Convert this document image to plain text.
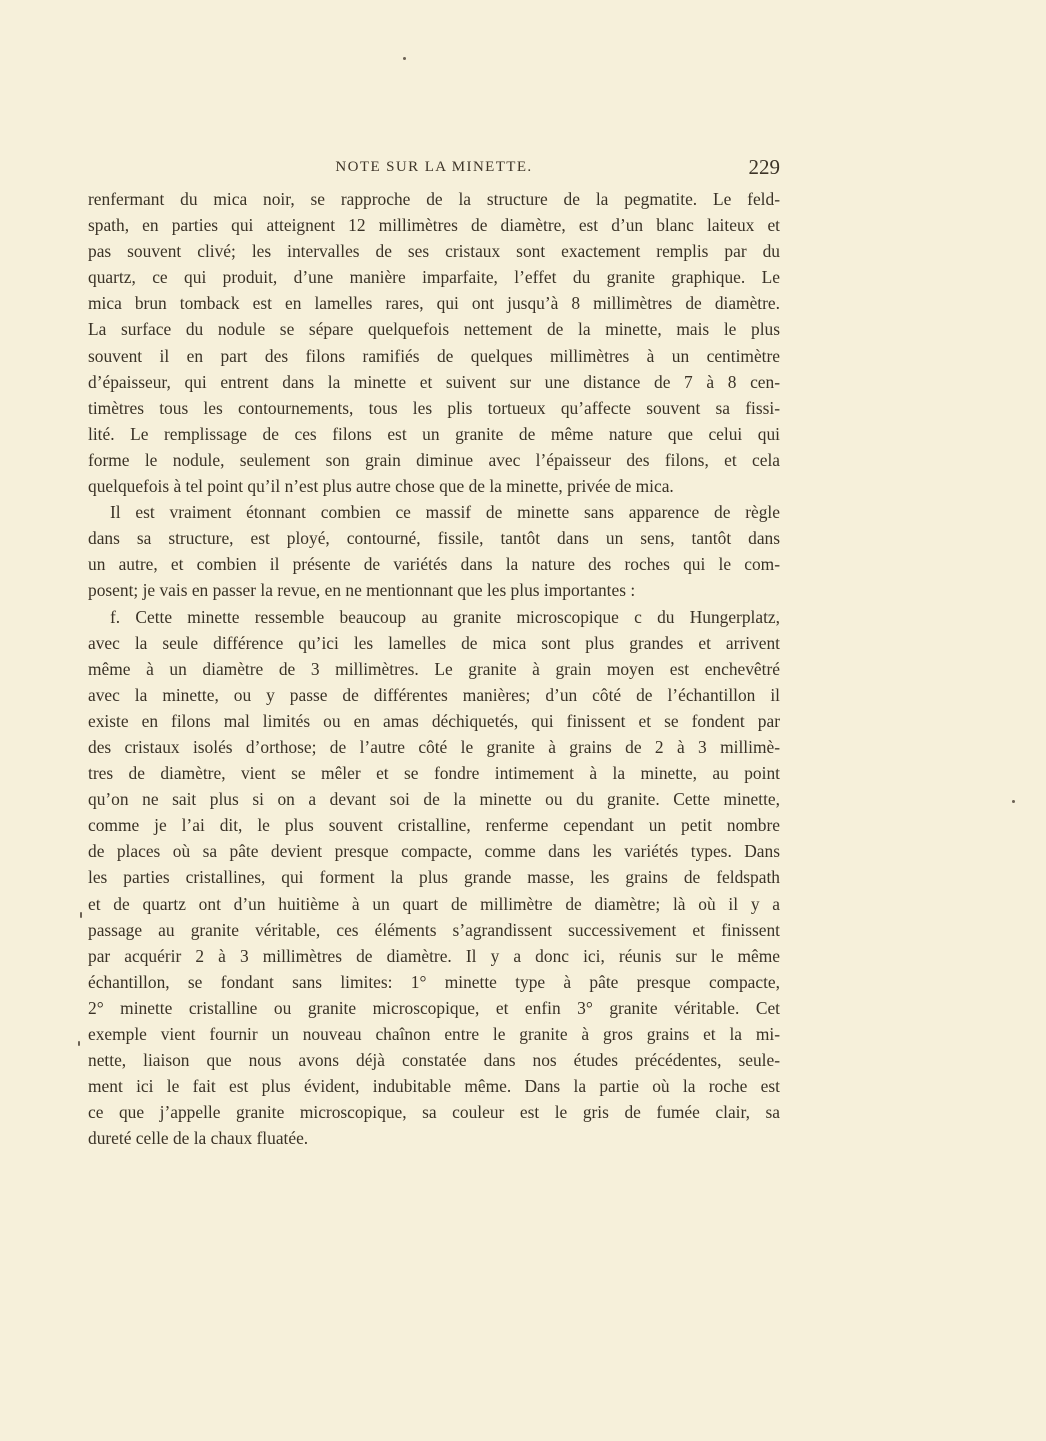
NOTE SUR LA MINETTE.	229
renfermant du mica noir, se rapproche de la structure de la pegmatite. Le feld-
spath, en parties qui atteignent 12 millimètres de diamètre, est d’un blanc laiteux et
pas souvent clivé; les intervalles de ses cristaux sont exactement remplis par du
quartz, ce qui produit, d’une manière imparfaite, l’effet du granite graphique. Le
mica brun tomback est en lamelles rares, qui ont jusqu’à 8 millimètres de diamètre.
La surface du nodule se sépare quelquefois nettement de la minette, mais le plus
souvent il en part des filons ramifiés de quelques millimètres à un centimètre
d’épaisseur, qui entrent dans la minette et suivent sur une distance de 7 à 8 cen-
timètres tous les contournements, tous les plis tortueux qu’affecte souvent sa fissi-
lité. Le remplissage de ces filons est un granite de même nature que celui qui
forme le nodule, seulement son grain diminue avec l’épaisseur des filons, et cela
quelquefois à tel point qu’il n’est plus autre chose que de la minette, privée de mica.
Il est vraiment étonnant combien ce massif de minette sans apparence de règle
dans sa structure, est ployé, contourné, fissile, tantôt dans un sens, tantôt dans
un autre, et combien il présente de variétés dans la nature des roches qui le com-
posent; je vais en passer la revue, en ne mentionnant que les plus importantes :
f. Cette minette ressemble beaucoup au granite microscopique c du Hungerplatz,
avec la seule différence qu’ici les lamelles de mica sont plus grandes et arrivent
même à un diamètre de 3 millimètres. Le granite à grain moyen est enchevêtré
avec la minette, ou y passe de différentes manières; d’un côté de l’échantillon il
existe en filons mal limités ou en amas déchiquetés, qui finissent et se fondent par
des cristaux isolés d’orthose; de l’autre côté le granite à grains de 2 à 3 millimè-
tres de diamètre, vient se mêler et se fondre intimement à la minette, au point
qu’on ne sait plus si on a devant soi de la minette ou du granite. Cette minette,
comme je l’ai dit, le plus souvent cristalline, renferme cependant un petit nombre
de places où sa pâte devient presque compacte, comme dans les variétés types. Dans
les parties cristallines, qui forment la plus grande masse, les grains de feldspath
et de quartz ont d’un huitième à un quart de millimètre de diamètre; là où il y a
passage au granite véritable, ces éléments s’agrandissent successivement et finissent
par acquérir 2 à 3 millimètres de diamètre. Il y a donc ici, réunis sur le même
échantillon, se fondant sans limites: 1° minette type à pâte presque compacte,
2° minette cristalline ou granite microscopique, et enfin 3° granite véritable. Cet
exemple vient fournir un nouveau chaînon entre le granite à gros grains et la mi-
nette, liaison que nous avons déjà constatée dans nos études précédentes, seule-
ment ici le fait est plus évident, indubitable même. Dans la partie où la roche est
ce que j’appelle granite microscopique, sa couleur est le gris de fumée clair, sa
dureté celle de la chaux fluatée.
